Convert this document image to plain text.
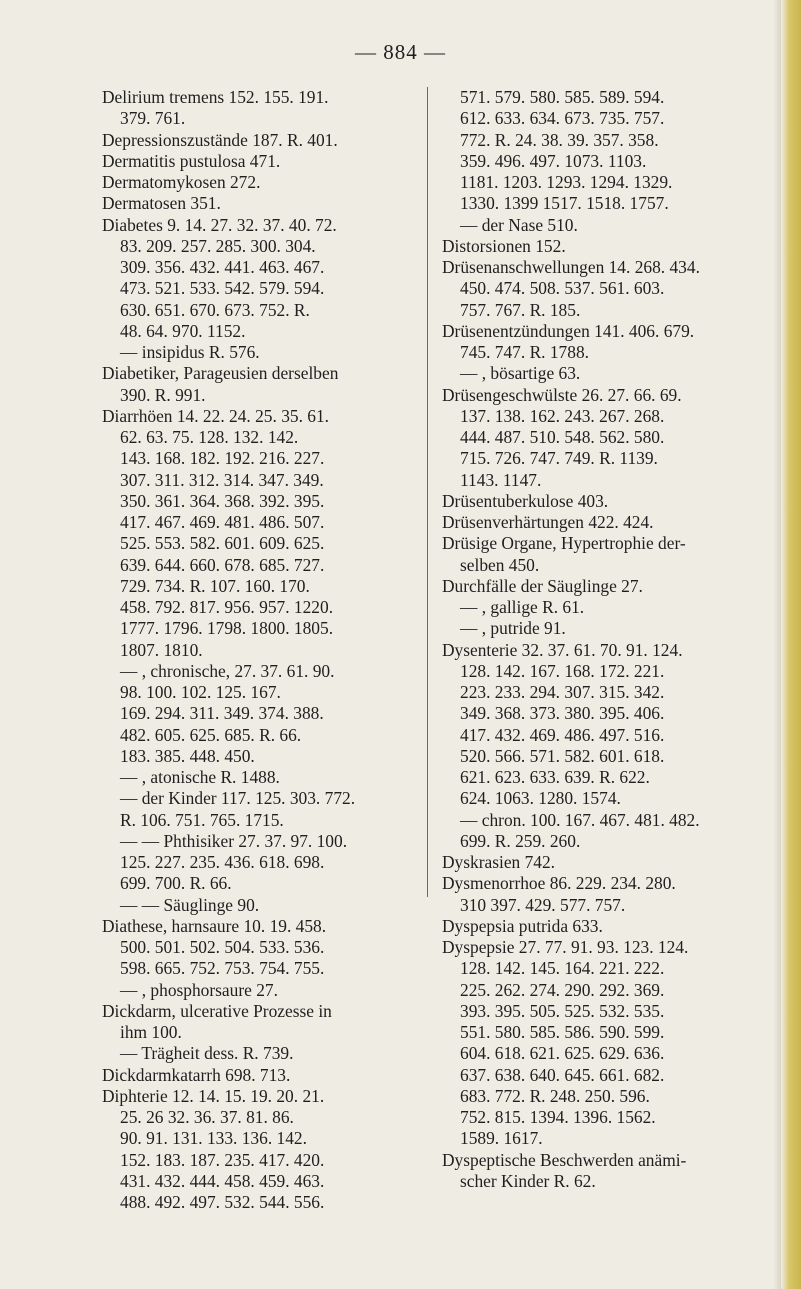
— 884 —
Delirium tremens 152. 155. 191.
379. 761.
Depressionszustände 187. R. 401.
Dermatitis pustulosa 471.
Dermatomykosen 272.
Dermatosen 351.
Diabetes 9. 14. 27. 32. 37. 40. 72.
83. 209. 257. 285. 300. 304.
309. 356. 432. 441. 463. 467.
473. 521. 533. 542. 579. 594.
630. 651. 670. 673. 752. R.
48. 64. 970. 1152.
— insipidus R. 576.
Diabetiker, Parageusien derselben
390. R. 991.
Diarrhöen 14. 22. 24. 25. 35. 61.
62. 63. 75. 128. 132. 142.
143. 168. 182. 192. 216. 227.
307. 311. 312. 314. 347. 349.
350. 361. 364. 368. 392. 395.
417. 467. 469. 481. 486. 507.
525. 553. 582. 601. 609. 625.
639. 644. 660. 678. 685. 727.
729. 734. R. 107. 160. 170.
458. 792. 817. 956. 957. 1220.
1777. 1796. 1798. 1800. 1805.
1807. 1810.
— , chronische, 27. 37. 61. 90.
98. 100. 102. 125. 167.
169. 294. 311. 349. 374. 388.
482. 605. 625. 685. R. 66.
183. 385. 448. 450.
— , atonische R. 1488.
— der Kinder 117. 125. 303. 772.
R. 106. 751. 765. 1715.
— — Phthisiker 27. 37. 97. 100.
125. 227. 235. 436. 618. 698.
699. 700. R. 66.
— — Säuglinge 90.
Diathese, harnsaure 10. 19. 458.
500. 501. 502. 504. 533. 536.
598. 665. 752. 753. 754. 755.
— , phosphorsaure 27.
Dickdarm, ulcerative Prozesse in
ihm 100.
— Trägheit dess. R. 739.
Dickdarmkatarrh 698. 713.
Diphterie 12. 14. 15. 19. 20. 21.
25. 26 32. 36. 37. 81. 86.
90. 91. 131. 133. 136. 142.
152. 183. 187. 235. 417. 420.
431. 432. 444. 458. 459. 463.
488. 492. 497. 532. 544. 556.
571. 579. 580. 585. 589. 594.
612. 633. 634. 673. 735. 757.
772. R. 24. 38. 39. 357. 358.
359. 496. 497. 1073. 1103.
1181. 1203. 1293. 1294. 1329.
1330. 1399 1517. 1518. 1757.
— der Nase 510.
Distorsionen 152.
Drüsenanschwellungen 14. 268. 434.
450. 474. 508. 537. 561. 603.
757. 767. R. 185.
Drüsenentzündungen 141. 406. 679.
745. 747. R. 1788.
— , bösartige 63.
Drüsengeschwülste 26. 27. 66. 69.
137. 138. 162. 243. 267. 268.
444. 487. 510. 548. 562. 580.
715. 726. 747. 749. R. 1139.
1143. 1147.
Drüsentuberkulose 403.
Drüsenverhärtungen 422. 424.
Drüsige Organe, Hypertrophie der-
selben 450.
Durchfälle der Säuglinge 27.
— , gallige R. 61.
— , putride 91.
Dysenterie 32. 37. 61. 70. 91. 124.
128. 142. 167. 168. 172. 221.
223. 233. 294. 307. 315. 342.
349. 368. 373. 380. 395. 406.
417. 432. 469. 486. 497. 516.
520. 566. 571. 582. 601. 618.
621. 623. 633. 639. R. 622.
624. 1063. 1280. 1574.
— chron. 100. 167. 467. 481. 482.
699. R. 259. 260.
Dyskrasien 742.
Dysmenorrhoe 86. 229. 234. 280.
310 397. 429. 577. 757.
Dyspepsia putrida 633.
Dyspepsie 27. 77. 91. 93. 123. 124.
128. 142. 145. 164. 221. 222.
225. 262. 274. 290. 292. 369.
393. 395. 505. 525. 532. 535.
551. 580. 585. 586. 590. 599.
604. 618. 621. 625. 629. 636.
637. 638. 640. 645. 661. 682.
683. 772. R. 248. 250. 596.
752. 815. 1394. 1396. 1562.
1589. 1617.
Dyspeptische Beschwerden anämi-
scher Kinder R. 62.
